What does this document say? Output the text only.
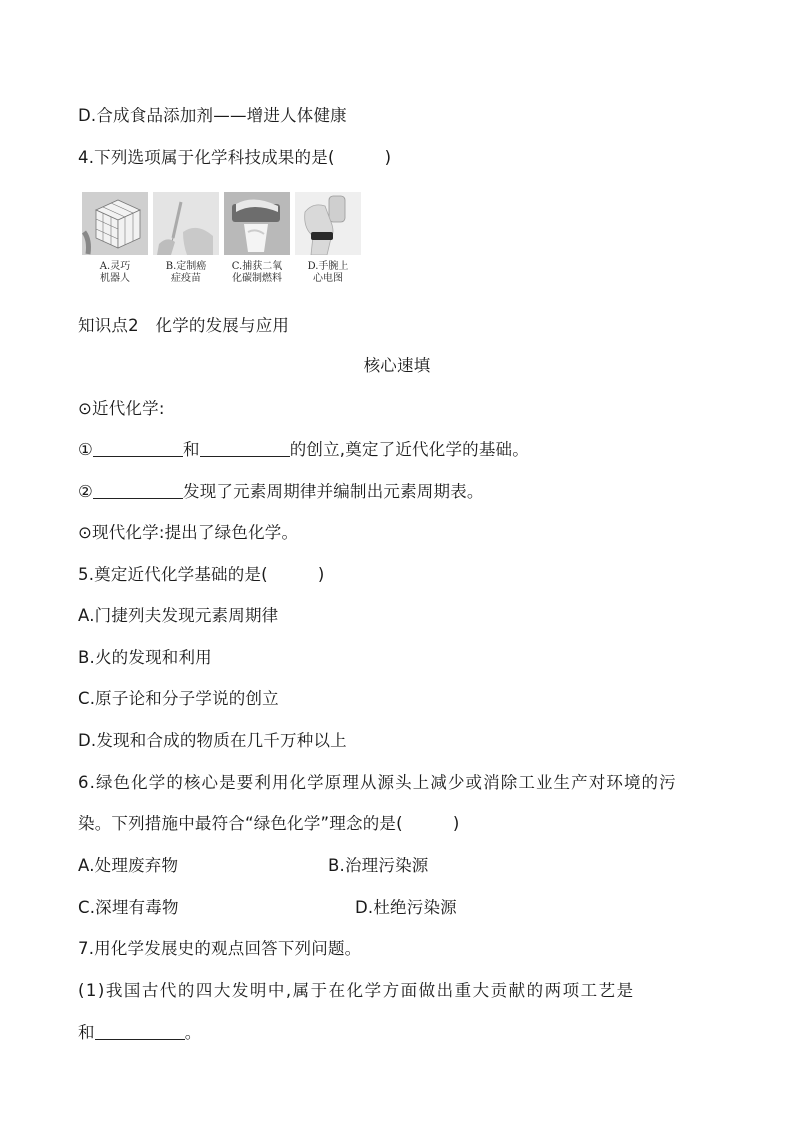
D.合成食品添加剂——增进人体健康
4.下列选项属于化学科技成果的是(　　　)
A.灵巧
机器人
B.定制癌
症疫苗
C.捕获二氧
化碳制燃料
D.手腕上
心电图
知识点2　化学的发展与应用
核心速填
⊙近代化学:
①	和	的创立,奠定了近代化学的基础。
②	发现了元素周期律并编制出元素周期表。
⊙现代化学:提出了绿色化学。
5.奠定近代化学基础的是(　　　)
A.门捷列夫发现元素周期律
B.火的发现和利用
C.原子论和分子学说的创立
D.发现和合成的物质在几千万种以上
6.绿色化学的核心是要利用化学原理从源头上减少或消除工业生产对环境的污
染。下列措施中最符合“绿色化学”理念的是(　　　)
A.处理废弃物	B.治理污染源
C.深埋有毒物	D.杜绝污染源
7.用化学发展史的观点回答下列问题。
(1)我国古代的四大发明中,属于在化学方面做出重大贡献的两项工艺是
和	。
